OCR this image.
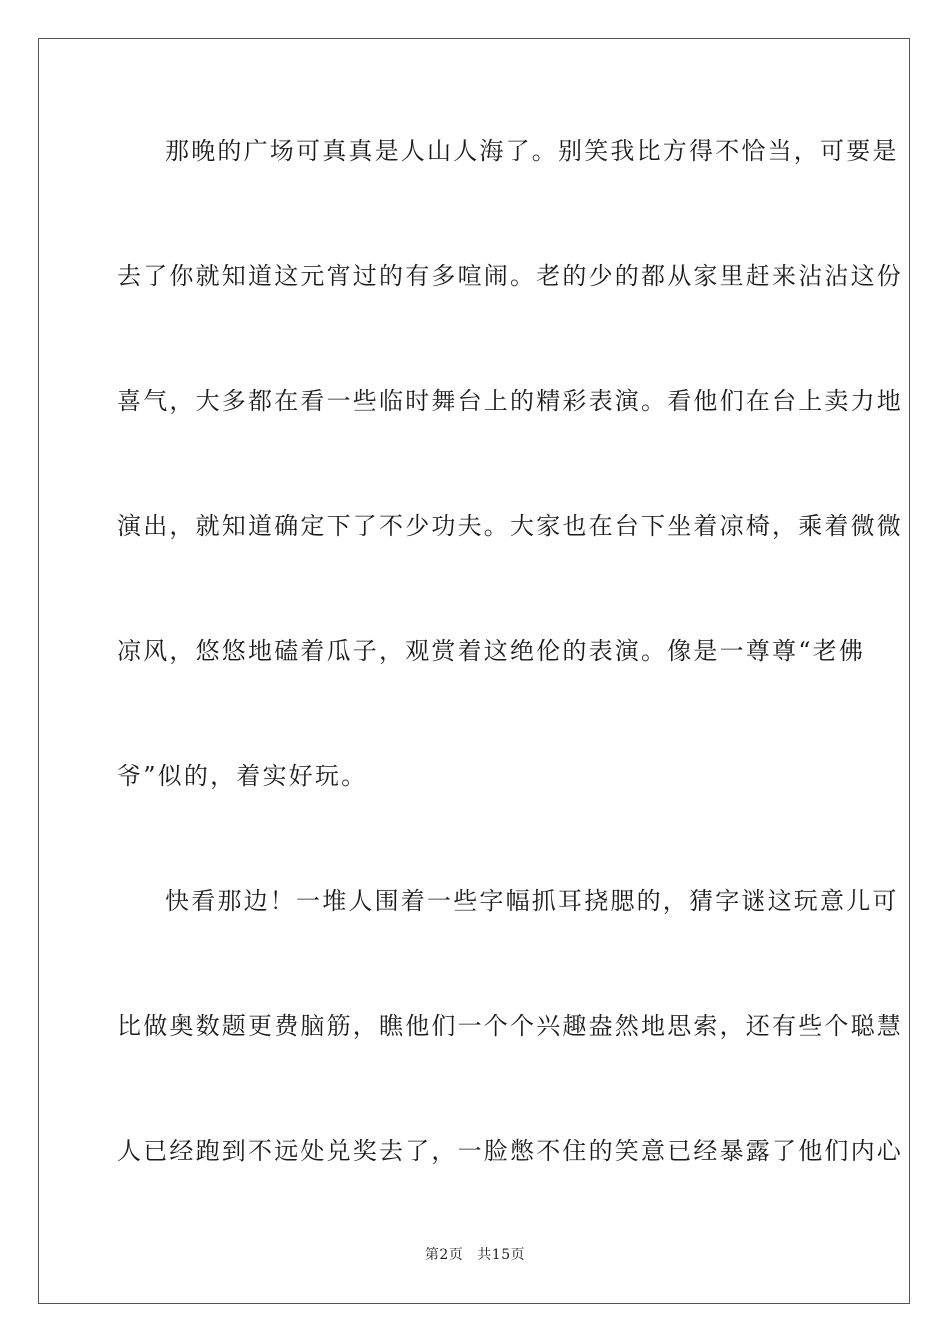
那晚的广场可真真是人山人海了。别笑我比方得不恰当，可要是
去了你就知道这元宵过的有多喧闹。老的少的都从家里赶来沾沾这份
喜气，大多都在看一些临时舞台上的精彩表演。看他们在台上卖力地
演出，就知道确定下了不少功夫。大家也在台下坐着凉椅，乘着微微
凉风，悠悠地磕着瓜子，观赏着这绝伦的表演。像是一尊尊“老佛
爷”似的，着实好玩。
快看那边！一堆人围着一些字幅抓耳挠腮的，猜字谜这玩意儿可
比做奥数题更费脑筋，瞧他们一个个兴趣盎然地思索，还有些个聪慧
人已经跑到不远处兑奖去了，一脸憋不住的笑意已经暴露了他们内心
第2页 共15页
